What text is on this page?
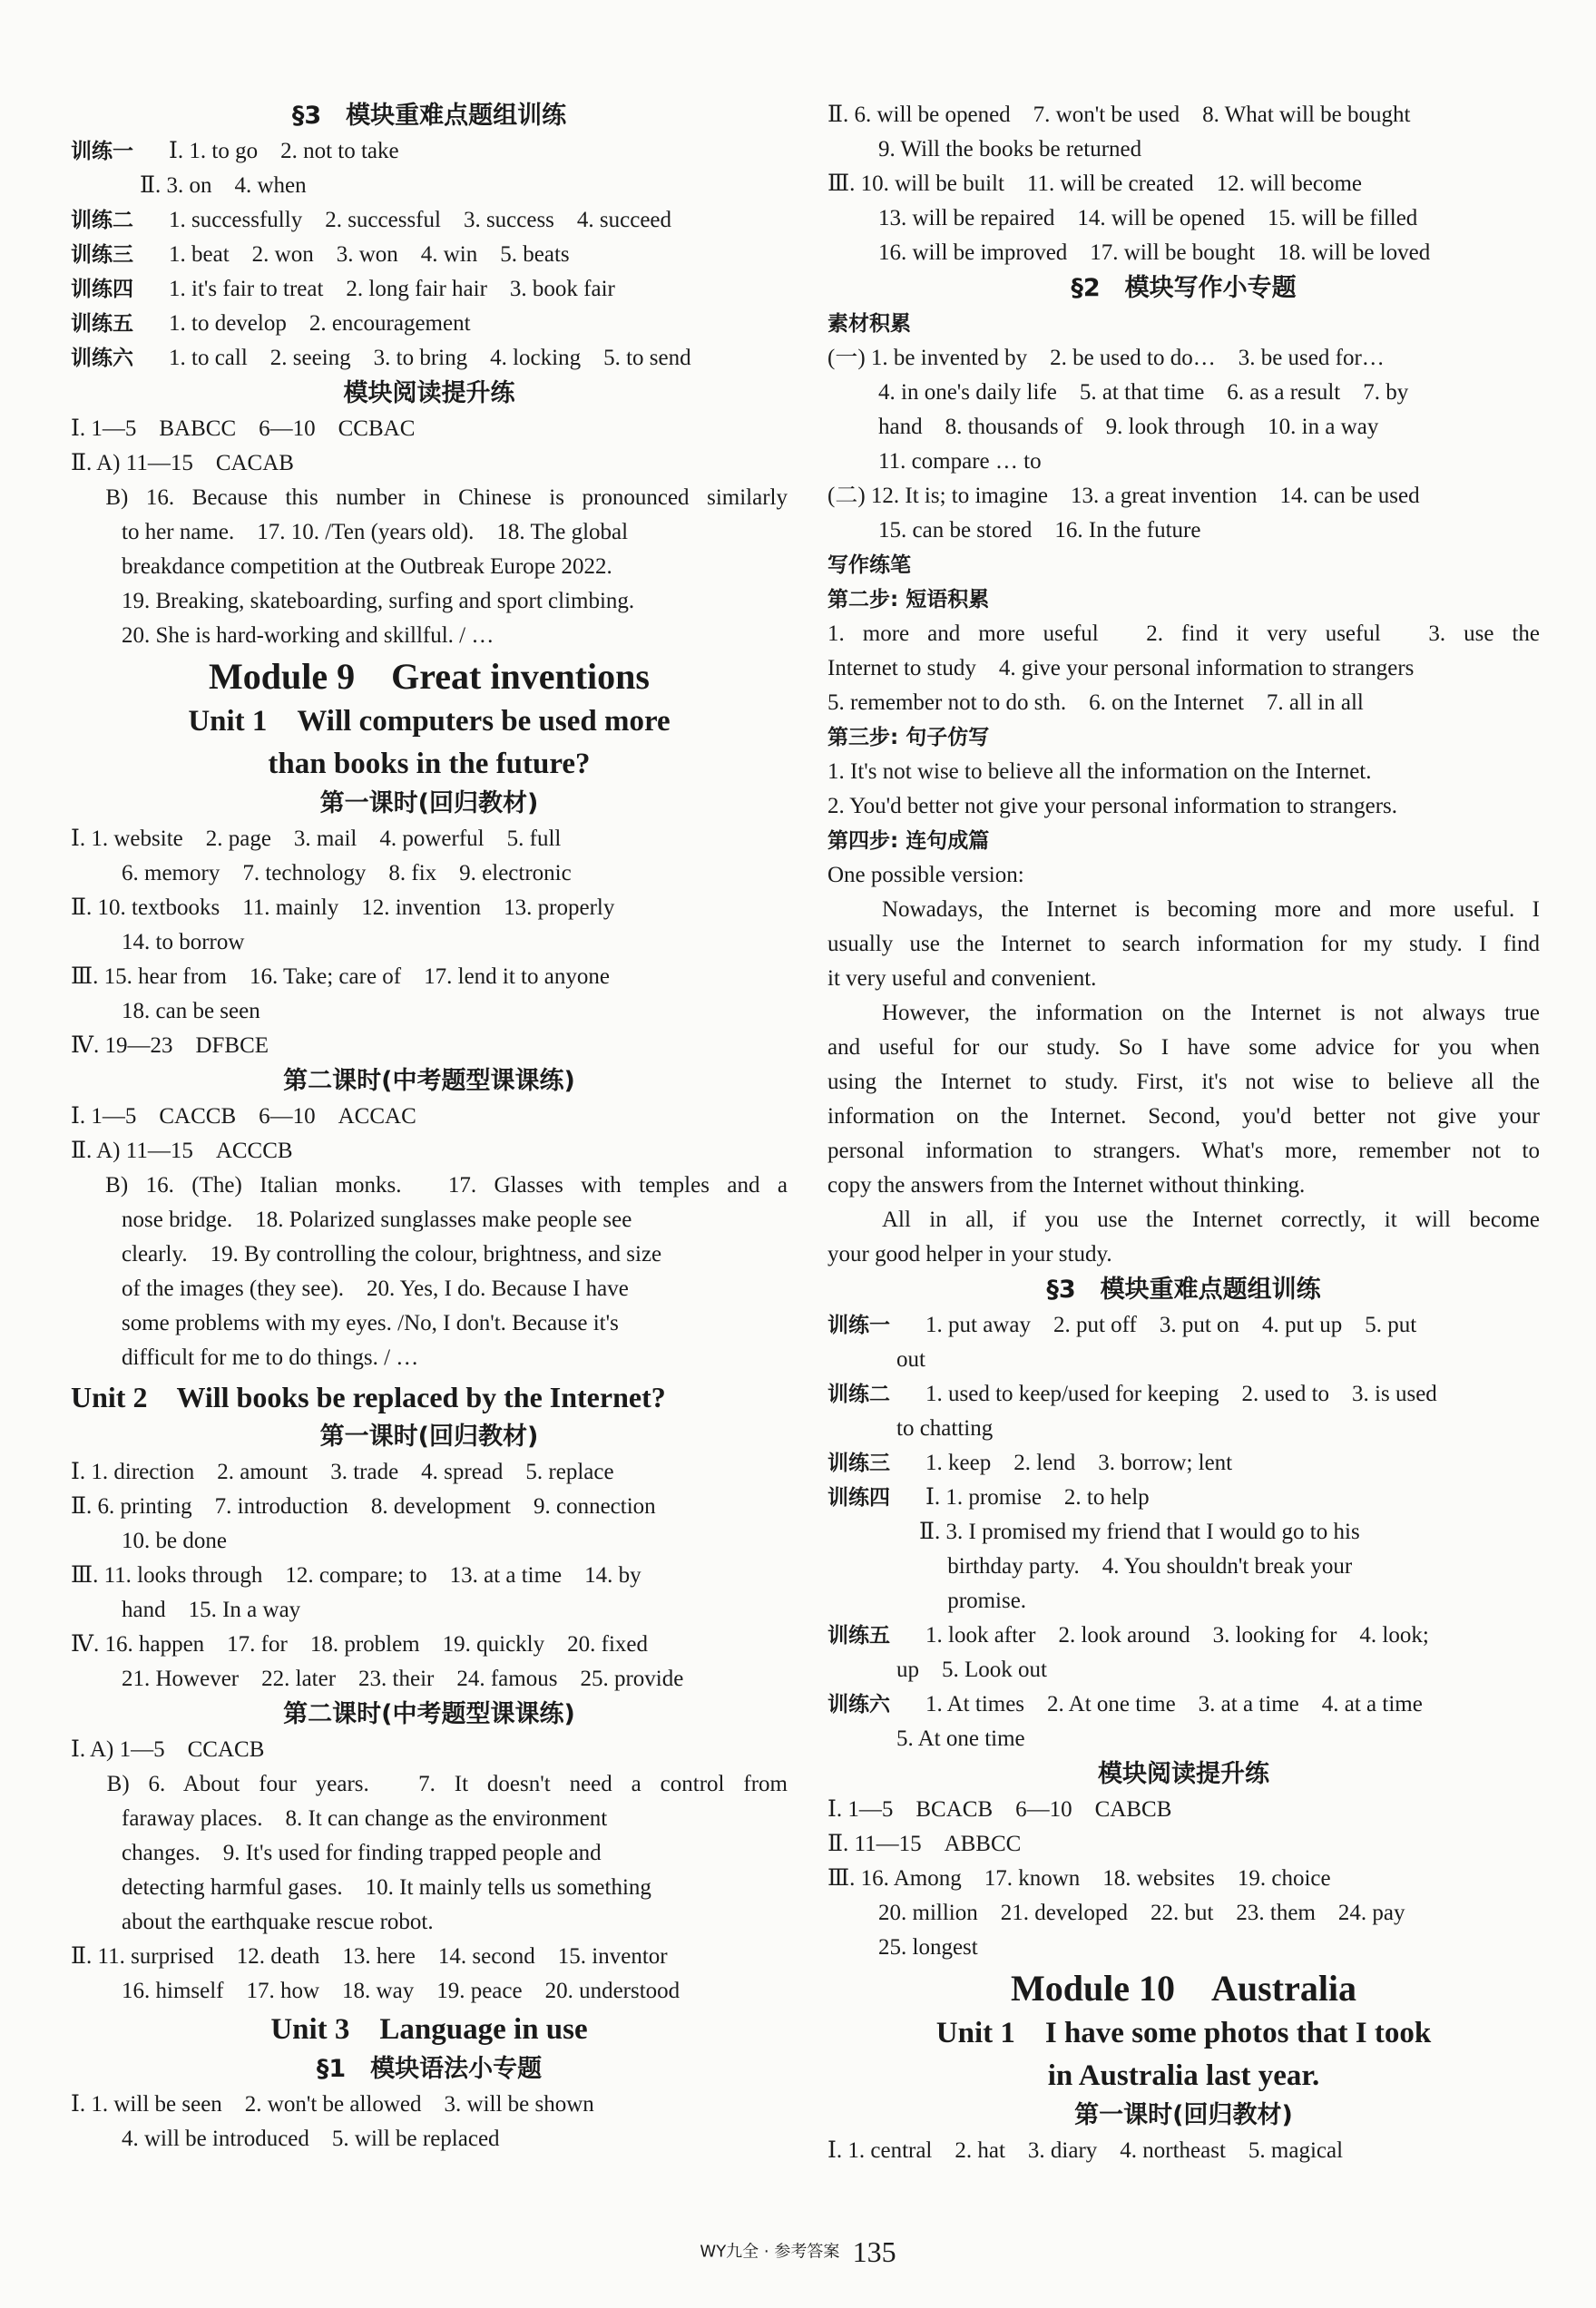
§3　模块重难点题组训练
训练一 Ⅰ. 1. to go　2. not to take
Ⅱ. 3. on　4. when
训练二 1. successfully　2. successful　3. success　4. succeed
训练三 1. beat　2. won　3. won　4. win　5. beats
训练四 1. it's fair to treat　2. long fair hair　3. book fair
训练五 1. to develop　2. encouragement
训练六 1. to call　2. seeing　3. to bring　4. locking　5. to send
模块阅读提升练
Ⅰ. 1—5　BABCC　6—10　CCBAC
Ⅱ. A) 11—15　CACAB
　B) 16. Because this number in Chinese is pronounced similarly
to her name.　17. 10. /Ten (years old).　18. The global
breakdance competition at the Outbreak Europe 2022.
19. Breaking, skateboarding, surfing and sport climbing.
20. She is hard-working and skillful. / …
Module 9　Great inventions
Unit 1　Will computers be used more
than books in the future?
第一课时(回归教材)
Ⅰ. 1. website　2. page　3. mail　4. powerful　5. full
6. memory　7. technology　8. fix　9. electronic
Ⅱ. 10. textbooks　11. mainly　12. invention　13. properly
14. to borrow
Ⅲ. 15. hear from　16. Take; care of　17. lend it to anyone
18. can be seen
Ⅳ. 19—23　DFBCE
第二课时(中考题型课课练)
Ⅰ. 1—5　CACCB　6—10　ACCAC
Ⅱ. A) 11—15　ACCCB
　B) 16. (The) Italian monks.　17. Glasses with temples and a
nose bridge.　18. Polarized sunglasses make people see
clearly.　19. By controlling the colour, brightness, and size
of the images (they see).　20. Yes, I do. Because I have
some problems with my eyes. /No, I don't. Because it's
difficult for me to do things. / …
Unit 2　Will books be replaced by the Internet?
第一课时(回归教材)
Ⅰ. 1. direction　2. amount　3. trade　4. spread　5. replace
Ⅱ. 6. printing　7. introduction　8. development　9. connection
10. be done
Ⅲ. 11. looks through　12. compare; to　13. at a time　14. by
hand　15. In a way
Ⅳ. 16. happen　17. for　18. problem　19. quickly　20. fixed
21. However　22. later　23. their　24. famous　25. provide
第二课时(中考题型课课练)
Ⅰ. A) 1—5　CCACB
　B) 6. About four years.　7. It doesn't need a control from
faraway places.　8. It can change as the environment
changes.　9. It's used for finding trapped people and
detecting harmful gases.　10. It mainly tells us something
about the earthquake rescue robot.
Ⅱ. 11. surprised　12. death　13. here　14. second　15. inventor
16. himself　17. how　18. way　19. peace　20. understood
Unit 3　Language in use
§1　模块语法小专题
Ⅰ. 1. will be seen　2. won't be allowed　3. will be shown
4. will be introduced　5. will be replaced
Ⅱ. 6. will be opened　7. won't be used　8. What will be bought
9. Will the books be returned
Ⅲ. 10. will be built　11. will be created　12. will become
13. will be repaired　14. will be opened　15. will be filled
16. will be improved　17. will be bought　18. will be loved
§2　模块写作小专题
素材积累
(一) 1. be invented by　2. be used to do…　3. be used for…
4. in one's daily life　5. at that time　6. as a result　7. by
hand　8. thousands of　9. look through　10. in a way
11. compare … to
(二) 12. It is; to imagine　13. a great invention　14. can be used
15. can be stored　16. In the future
写作练笔
第二步: 短语积累
1. more and more useful　2. find it very useful　3. use the
Internet to study　4. give your personal information to strangers
5. remember not to do sth.　6. on the Internet　7. all in all
第三步: 句子仿写
1. It's not wise to believe all the information on the Internet.
2. You'd better not give your personal information to strangers.
第四步: 连句成篇
One possible version:
Nowadays, the Internet is becoming more and more useful. I
usually use the Internet to search information for my study. I find
it very useful and convenient.
However, the information on the Internet is not always true
and useful for our study. So I have some advice for you when
using the Internet to study. First, it's not wise to believe all the
information on the Internet. Second, you'd better not give your
personal information to strangers. What's more, remember not to
copy the answers from the Internet without thinking.
All in all, if you use the Internet correctly, it will become
your good helper in your study.
§3　模块重难点题组训练
训练一 1. put away　2. put off　3. put on　4. put up　5. put
out
训练二 1. used to keep/used for keeping　2. used to　3. is used
to chatting
训练三 1. keep　2. lend　3. borrow; lent
训练四 Ⅰ. 1. promise　2. to help
　Ⅱ. 3. I promised my friend that I would go to his
　　 birthday party.　4. You shouldn't break your
　　 promise.
训练五 1. look after　2. look around　3. looking for　4. look;
up　5. Look out
训练六 1. At times　2. At one time　3. at a time　4. at a time
5. At one time
模块阅读提升练
Ⅰ. 1—5　BCACB　6—10　CABCB
Ⅱ. 11—15　ABBCC
Ⅲ. 16. Among　17. known　18. websites　19. choice
20. million　21. developed　22. but　23. them　24. pay
25. longest
Module 10　Australia
Unit 1　I have some photos that I took
in Australia last year.
第一课时(回归教材)
Ⅰ. 1. central　2. hat　3. diary　4. northeast　5. magical
WY九全 · 参考答案 135
